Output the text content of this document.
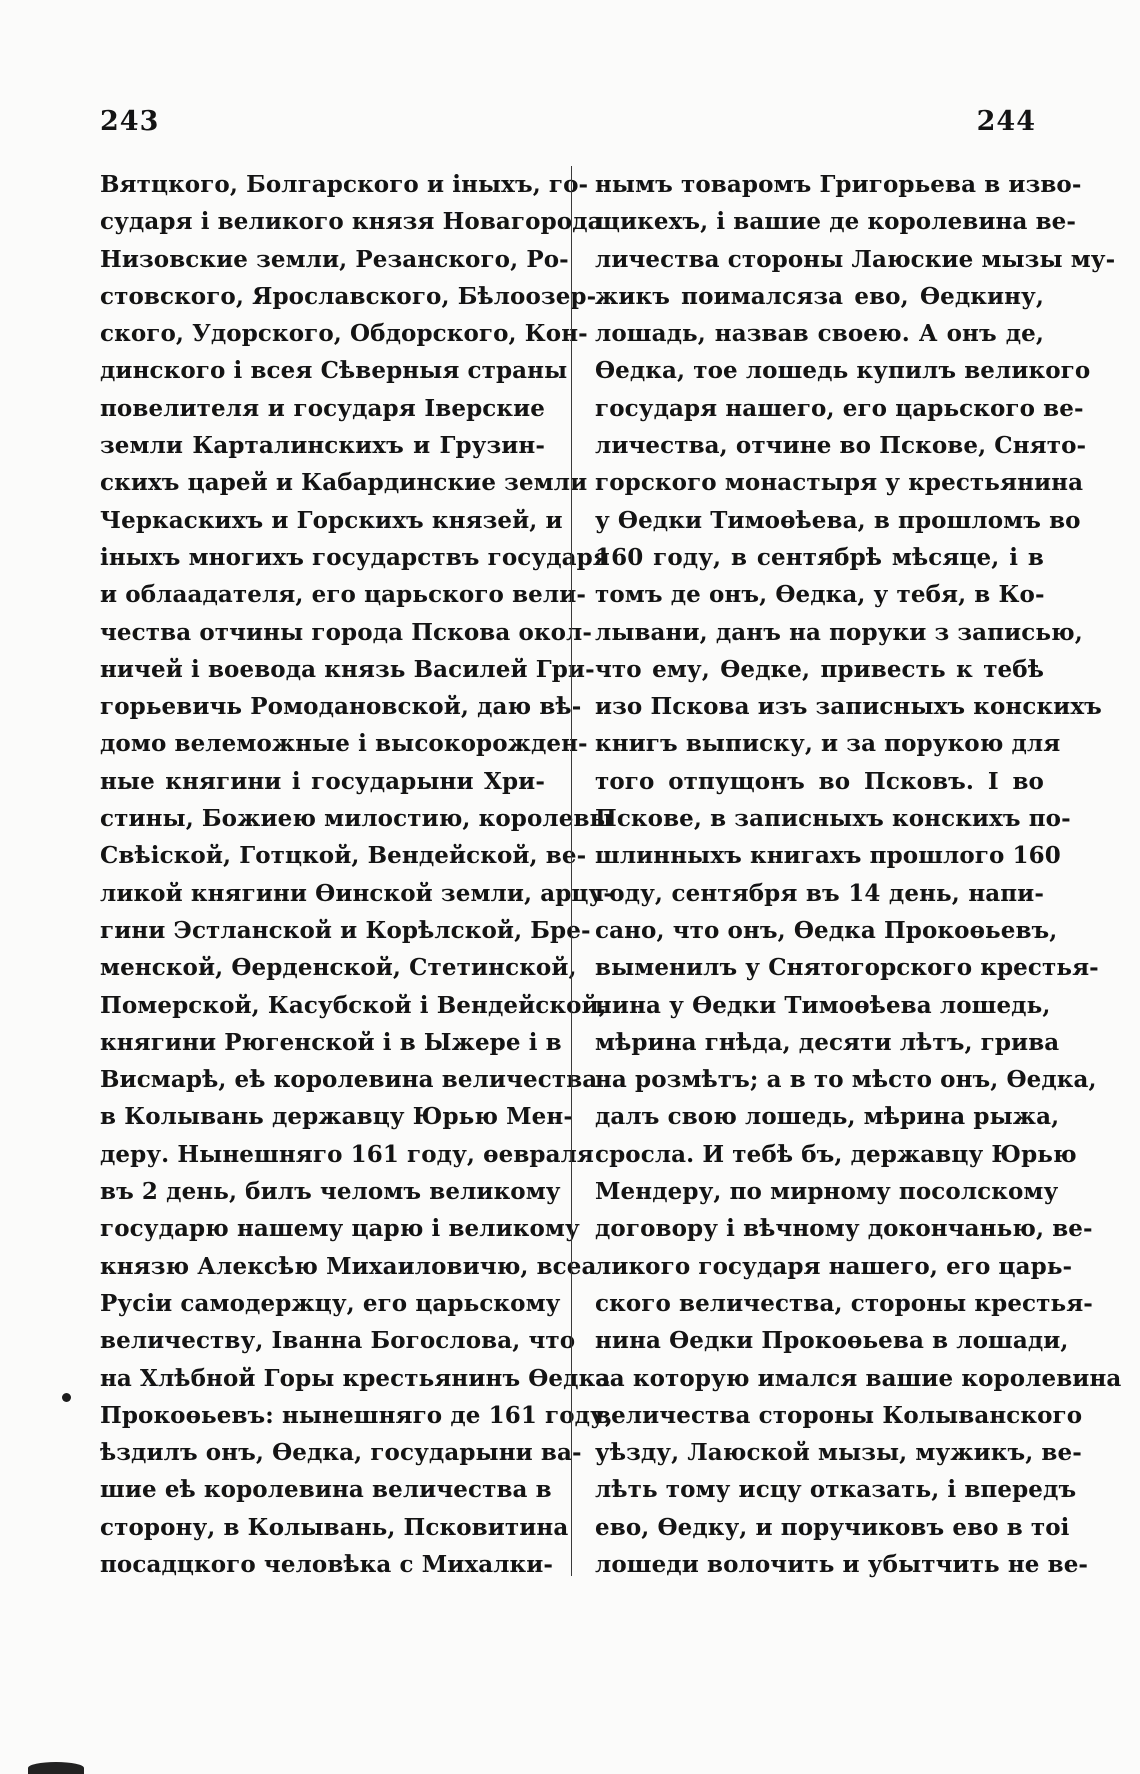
243	244
Вятцкого, Болгарского и iныхъ, го-
сударя i великого князя Новагорода
Низовские земли, Резанского, Ро-
стовского, Ярославского, Бѣлоозер-
ского, Удорского, Обдорского, Кон-
динского i всея Сѣверныя страны
повелителя и государя Iверские
земли Карталинскихъ и Грузин-
скихъ царей и Кабардинские земли
Черкаскихъ и Горскихъ князей, и
iныхъ многихъ государствъ государя
и облaадателя, его царьского вели-
чества отчины города Пскова окол-
ничей i воевода князь Василей Гри-
горьевичь Ромодановской, даю вѣ-
домо велеможные i высокорожден-
ные княгини i государыни Хри-
стины, Божиею милостию, королевы
Свѣiской, Готцкой, Вендейской, ве-
ликой княгини Өинской земли, арцу-
гини Эстланской и Корѣлской, Бре-
менской, Өерденской, Стетинской,
Померской, Касубской i Вендейской,
княгини Рюгенской i в Ыжере i в
Висмарѣ, еѣ королевина величества
в Колывань державцу Юрью Мен-
деру. Нынешняго 161 году, өевраля
въ 2 день, билъ челомъ великому
государю нашему царю i великому
князю Алексѣю Михаиловичю, всеа
Русiи самодержцу, его царьскому
величеству, Iванна Богослова, что
на Хлѣбной Горы крестьянинъ Өедка
Прокоөьевъ: нынешняго де 161 году,
ѣздилъ онъ, Өедка, государыни ва-
шие еѣ королевина величества в
сторону, в Колывань, Псковитина
посадцкого человѣка с Михалки-
нымъ товаромъ Григорьева в изво-
щикехъ, i вашие де королевина ве-
личества стороны Лаюские мызы му-
жикъ поималсяза ево, Өедкину,
лошадь, назвав своею. А онъ де,
Өедка, тое лошедь купилъ великого
государя нашего, его царьского ве-
личества, отчине во Пскове, Снято-
горского монастыря у крестьянина
у Өедки Тимоөѣева, в прошломъ во
160 году, в сентябрѣ мѣсяце, i в
томъ де онъ, Өедка, у тебя, в Ко-
лывани, данъ на поруки з записью,
что ему, Өедке, привесть к тебѣ
изо Пскова изъ записныхъ конскихъ
книгъ выписку, и за порукою для
того отпущонъ во Псковъ. I во
Пскове, в записныхъ конскихъ по-
шлинныхъ книгахъ прошлого 160
году, сентября въ 14 день, напи-
сано, что онъ, Өедка Прокоөьевъ,
выменилъ у Снятогорского крестья-
нина у Өедки Тимоөѣева лошедь,
мѣрина гнѣда, десяти лѣтъ, грива
на розмѣтъ; а в то мѣсто онъ, Өедка,
далъ свою лошедь, мѣрина рыжа,
сросла. И тебѣ бъ, державцу Юрью
Мендеру, по мирному посолскому
договору i вѣчному докончанью, ве-
ликого государя нашего, его царь-
ского величества, стороны крестья-
нина Өедки Прокоөьева в лошади,
за которую имался вашие королевина
величества стороны Колыванского
уѣзду, Лаюской мызы, мужикъ, ве-
лѣть тому исцу отказать, i впередъ
ево, Өедку, и поручиковъ ево в тoi
лошеди волочить и убытчить не ве-
